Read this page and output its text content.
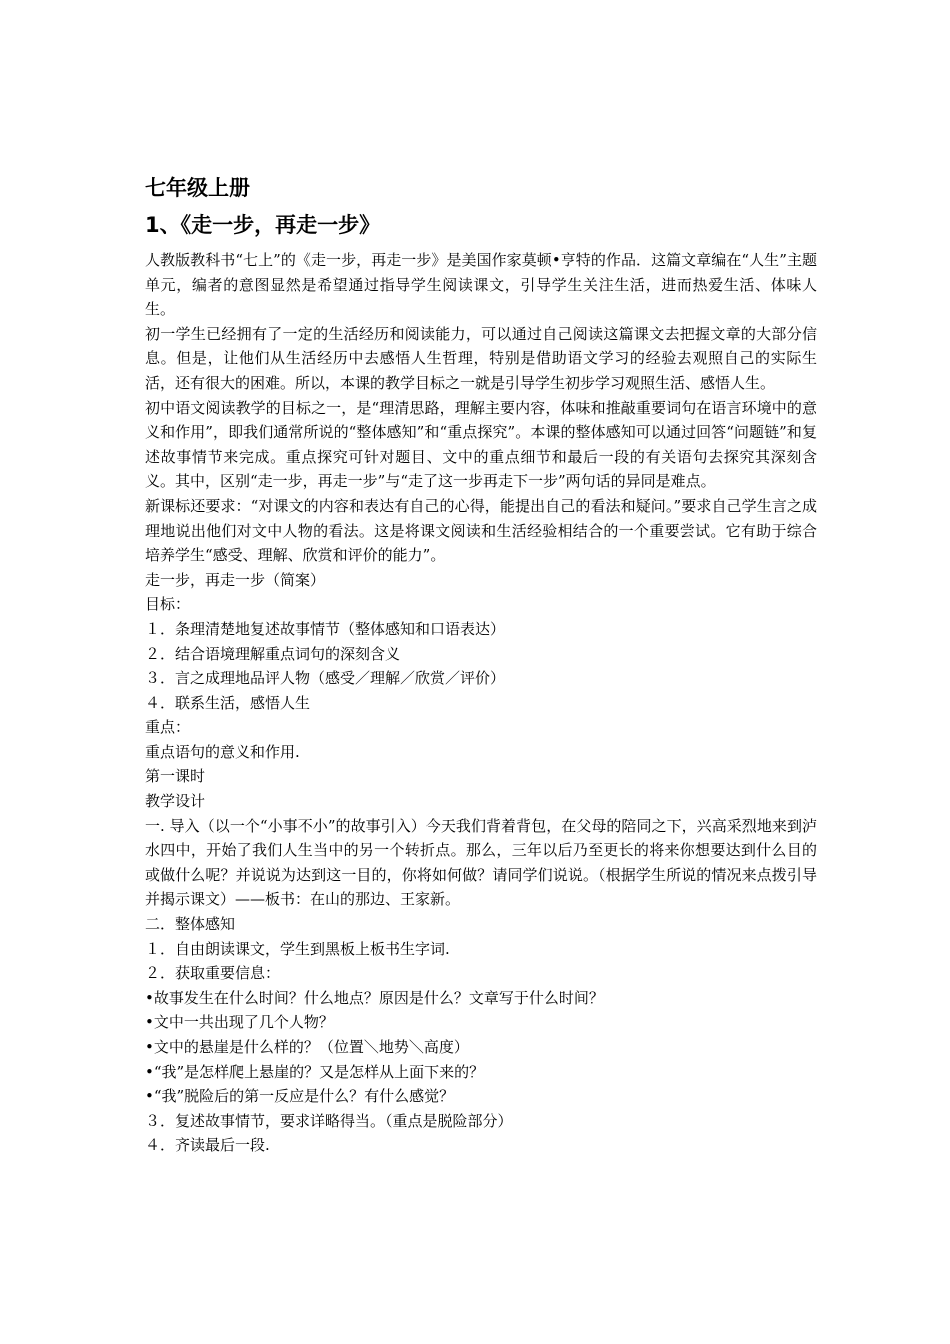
七年级上册
1、《走一步，再走一步》

人教版教科书“七上”的《走一步，再走一步》是美国作家莫顿•亨特的作品．这篇文章编在“人生”主题单元，编者的意图显然是希望通过指导学生阅读课文，引导学生关注生活，进而热爱生活、体味人生。

初一学生已经拥有了一定的生活经历和阅读能力，可以通过自己阅读这篇课文去把握文章的大部分信息。但是，让他们从生活经历中去感悟人生哲理，特别是借助语文学习的经验去观照自己的实际生活，还有很大的困难。所以，本课的教学目标之一就是引导学生初步学习观照生活、感悟人生。

初中语文阅读教学的目标之一，是“理清思路，理解主要内容，体味和推敲重要词句在语言环境中的意义和作用”，即我们通常所说的“整体感知”和“重点探究”。本课的整体感知可以通过回答“问题链”和复述故事情节来完成。重点探究可针对题目、文中的重点细节和最后一段的有关语句去探究其深刻含义。其中，区别“走一步，再走一步”与“走了这一步再走下一步”两句话的异同是难点。

新课标还要求：“对课文的内容和表达有自己的心得，能提出自己的看法和疑问。”要求自己学生言之成理地说出他们对文中人物的看法。这是将课文阅读和生活经验相结合的一个重要尝试。它有助于综合培养学生“感受、理解、欣赏和评价的能力”。

走一步，再走一步（简案）

目标：

１．条理清楚地复述故事情节（整体感知和口语表达）

２．结合语境理解重点词句的深刻含义

３．言之成理地品评人物（感受／理解／欣赏／评价）

４．联系生活，感悟人生

重点：

重点语句的意义和作用.

第一课时

教学设计

一. 导入（以一个“小事不小”的故事引入）今天我们背着背包，在父母的陪同之下，兴高采烈地来到泸水四中，开始了我们人生当中的另一个转折点。那么，三年以后乃至更长的将来你想要达到什么目的或做什么呢？并说说为达到这一目的，你将如何做？请同学们说说。（根据学生所说的情况来点拨引导并揭示课文）——板书：在山的那边、王家新。

二．整体感知

１．自由朗读课文，学生到黑板上板书生字词.

２．获取重要信息：

•故事发生在什么时间？什么地点？原因是什么？文章写于什么时间？

•文中一共出现了几个人物？

•文中的悬崖是什么样的？（位置＼地势＼高度）

•“我”是怎样爬上悬崖的？又是怎样从上面下来的？

•“我”脱险后的第一反应是什么？有什么感觉？

３．复述故事情节，要求详略得当。（重点是脱险部分）

４．齐读最后一段.
